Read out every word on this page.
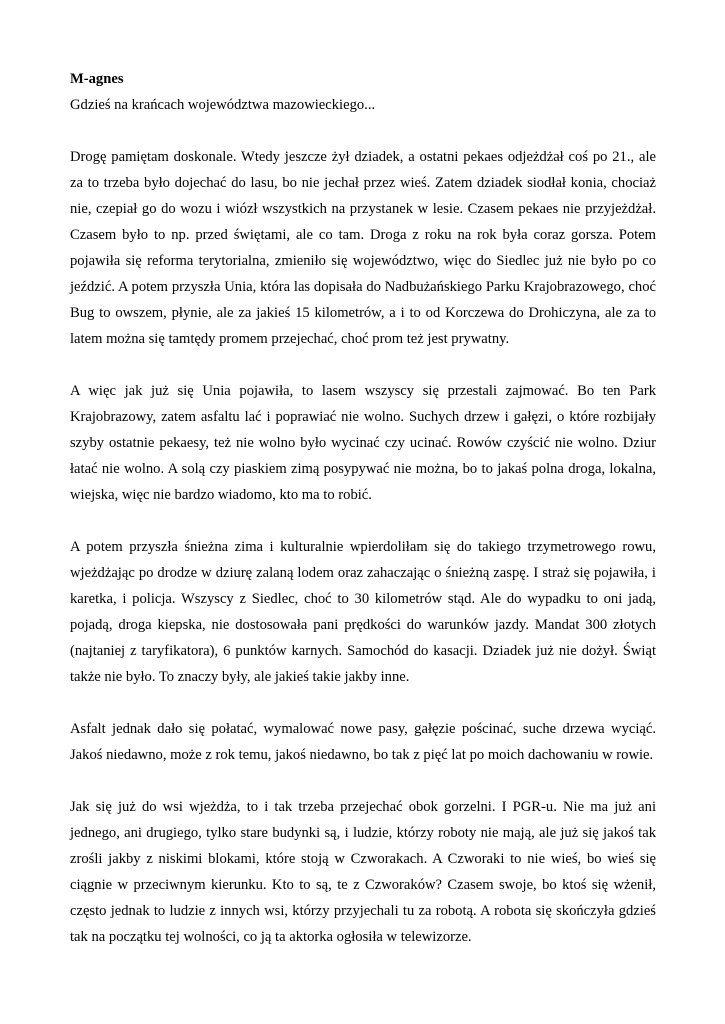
M-agnes

Gdzieś na krańcach województwa mazowieckiego...

Drogę pamiętam doskonale. Wtedy jeszcze żył dziadek, a ostatni pekaes odjeżdżał coś po 21., ale za to trzeba było dojechać do lasu, bo nie jechał przez wieś. Zatem dziadek siodłał konia, chociaż nie, czepiał go do wozu i wiózł wszystkich na przystanek w lesie. Czasem pekaes nie przyjeżdżał. Czasem było to np. przed świętami, ale co tam. Droga z roku na rok była coraz gorsza. Potem pojawiła się reforma terytorialna, zmieniło się województwo, więc do Siedlec już nie było po co jeździć. A potem przyszła Unia, która las dopisała do Nadbużańskiego Parku Krajobrazowego, choć Bug to owszem, płynie, ale za jakieś 15 kilometrów, a i to od Korczewa do Drohiczyna, ale za to latem można się tamtędy promem przejechać, choć prom też jest prywatny.

A więc jak już się Unia pojawiła, to lasem wszyscy się przestali zajmować. Bo ten Park Krajobrazowy, zatem asfaltu lać i poprawiać nie wolno. Suchych drzew i gałęzi, o które rozbijały szyby ostatnie pekaesy, też nie wolno było wycinać czy ucinać. Rowów czyścić nie wolno. Dziur łatać nie wolno. A solą czy piaskiem zimą posypywać nie można, bo to jakaś polna droga, lokalna, wiejska, więc nie bardzo wiadomo, kto ma to robić.

A potem przyszła śnieżna zima i kulturalnie wpierdoliłam się do takiego trzymetrowego rowu, wjeżdżając po drodze w dziurę zalaną lodem oraz zahaczając o śnieżną zaspę. I straż się pojawiła, i karetka, i policja. Wszyscy z Siedlec, choć to 30 kilometrów stąd. Ale do wypadku to oni jadą, pojadą, droga kiepska, nie dostosowała pani prędkości do warunków jazdy. Mandat 300 złotych (najtaniej z taryfikatora), 6 punktów karnych. Samochód do kasacji. Dziadek już nie dożył. Świąt także nie było. To znaczy były, ale jakieś takie jakby inne.

Asfalt jednak dało się połatać, wymalować nowe pasy, gałęzie pościnać, suche drzewa wyciąć. Jakoś niedawno, może z rok temu, jakoś niedawno, bo tak z pięć lat po moich dachowaniu w rowie.

Jak się już do wsi wjeżdża, to i tak trzeba przejechać obok gorzelni. I PGR-u. Nie ma już ani jednego, ani drugiego, tylko stare budynki są, i ludzie, którzy roboty nie mają, ale już się jakoś tak zrośli jakby z niskimi blokami, które stoją w Czworakach. A Czworaki to nie wieś, bo wieś się ciągnie w przeciwnym kierunku. Kto to są, te z Czworaków? Czasem swoje, bo ktoś się wżenił, często jednak to ludzie z innych wsi, którzy przyjechali tu za robotą. A robota się skończyła gdzieś tak na początku tej wolności, co ją ta aktorka ogłosiła w telewizorze.
